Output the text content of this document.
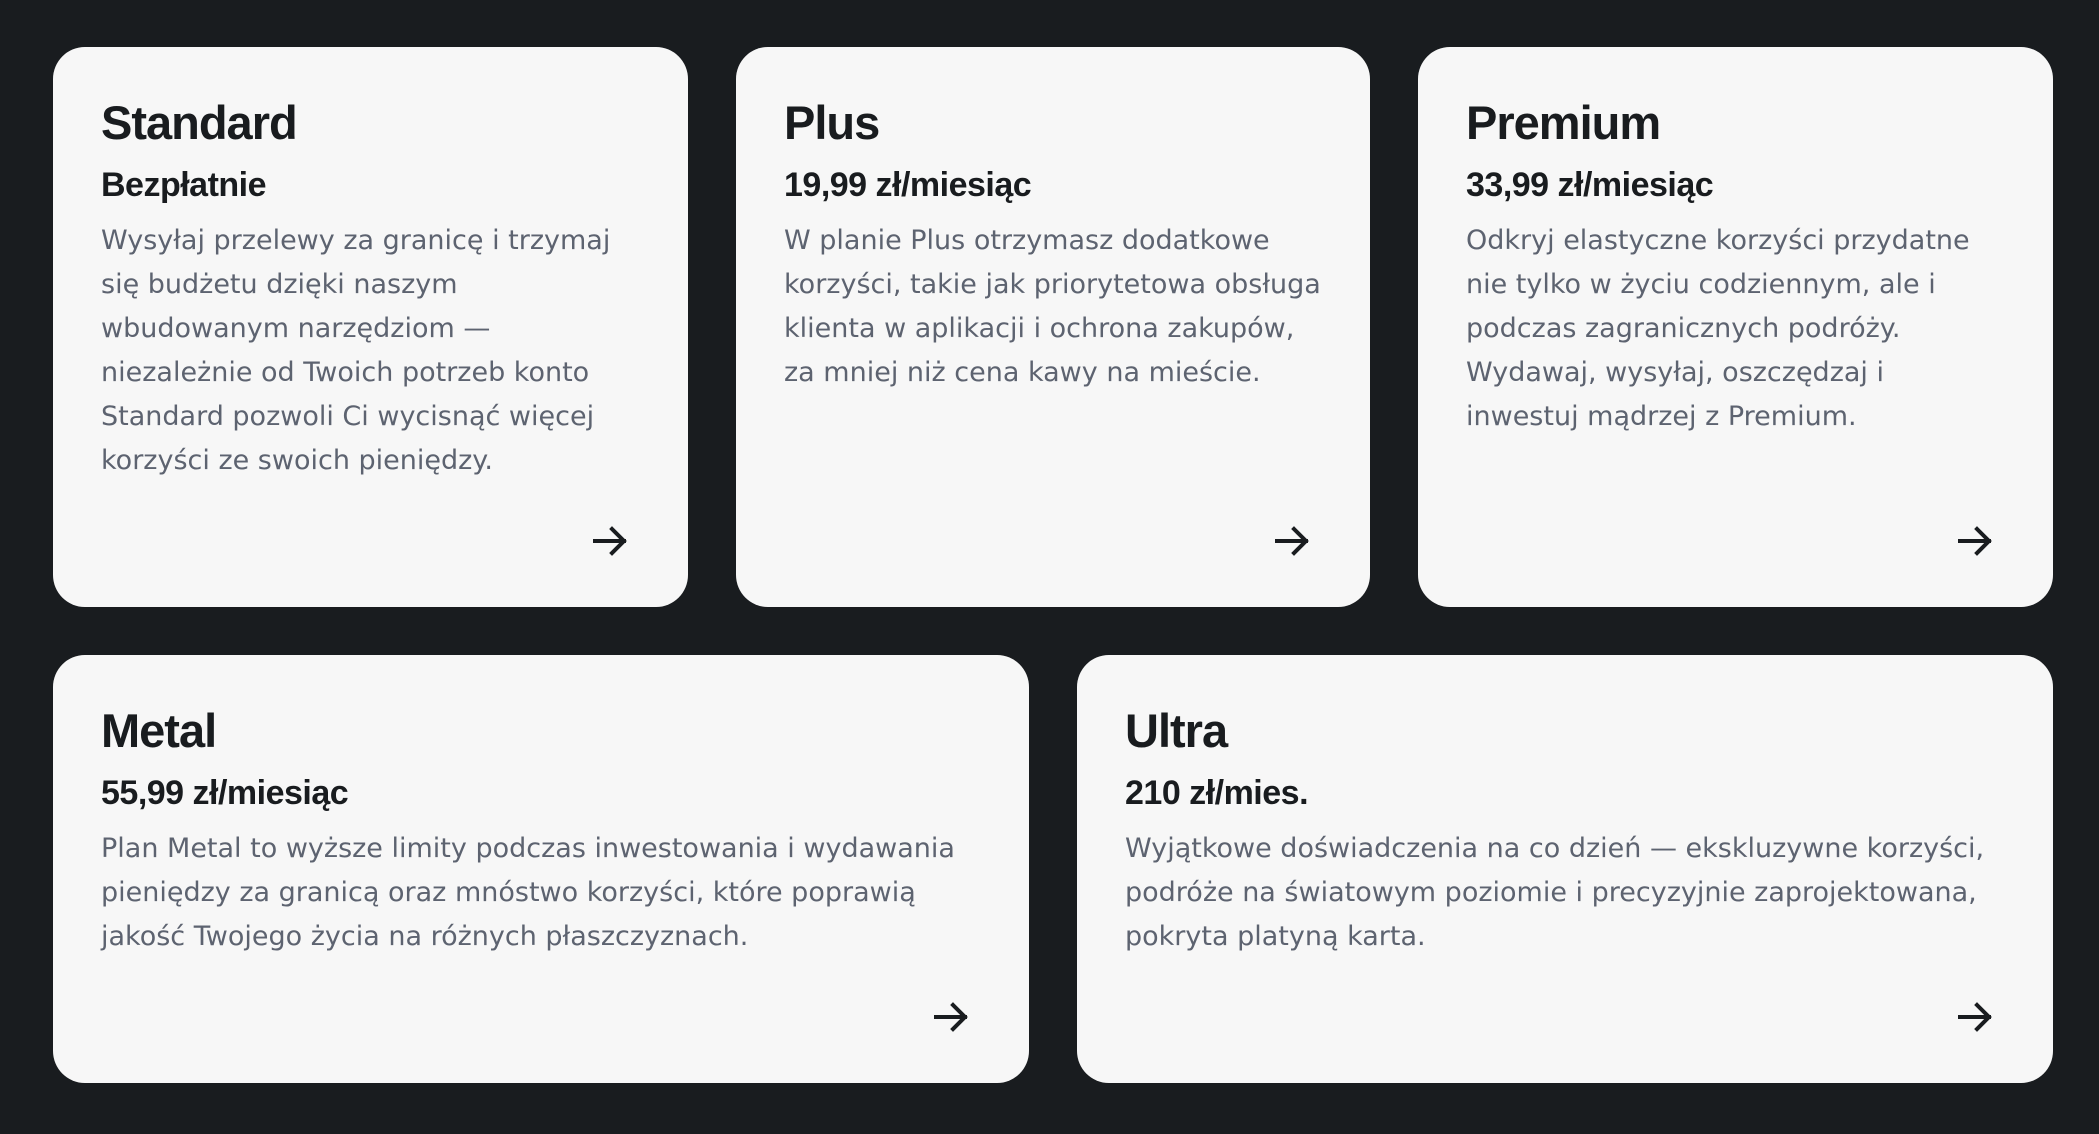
Standard
Bezpłatnie

Wysyłaj przelewy za granicę i trzymaj się budżetu dzięki naszym wbudowanym narzędziom — niezależnie od Twoich potrzeb konto Standard pozwoli Ci wycisnąć więcej korzyści ze swoich pieniędzy.

Plus
19,99 zł/miesiąc

W planie Plus otrzymasz dodatkowe korzyści, takie jak priorytetowa obsługa klienta w aplikacji i ochrona zakupów, za mniej niż cena kawy na mieście.

Premium
33,99 zł/miesiąc

Odkryj elastyczne korzyści przydatne nie tylko w życiu codziennym, ale i podczas zagranicznych podróży. Wydawaj, wysyłaj, oszczędzaj i inwestuj mądrzej z Premium.

Metal
55,99 zł/miesiąc

Plan Metal to wyższe limity podczas inwestowania i wydawania pieniędzy za granicą oraz mnóstwo korzyści, które poprawią jakość Twojego życia na różnych płaszczyznach.

Ultra
210 zł/mies.

Wyjątkowe doświadczenia na co dzień — ekskluzywne korzyści, podróże na światowym poziomie i precyzyjnie zaprojektowana, pokryta platyną karta.
